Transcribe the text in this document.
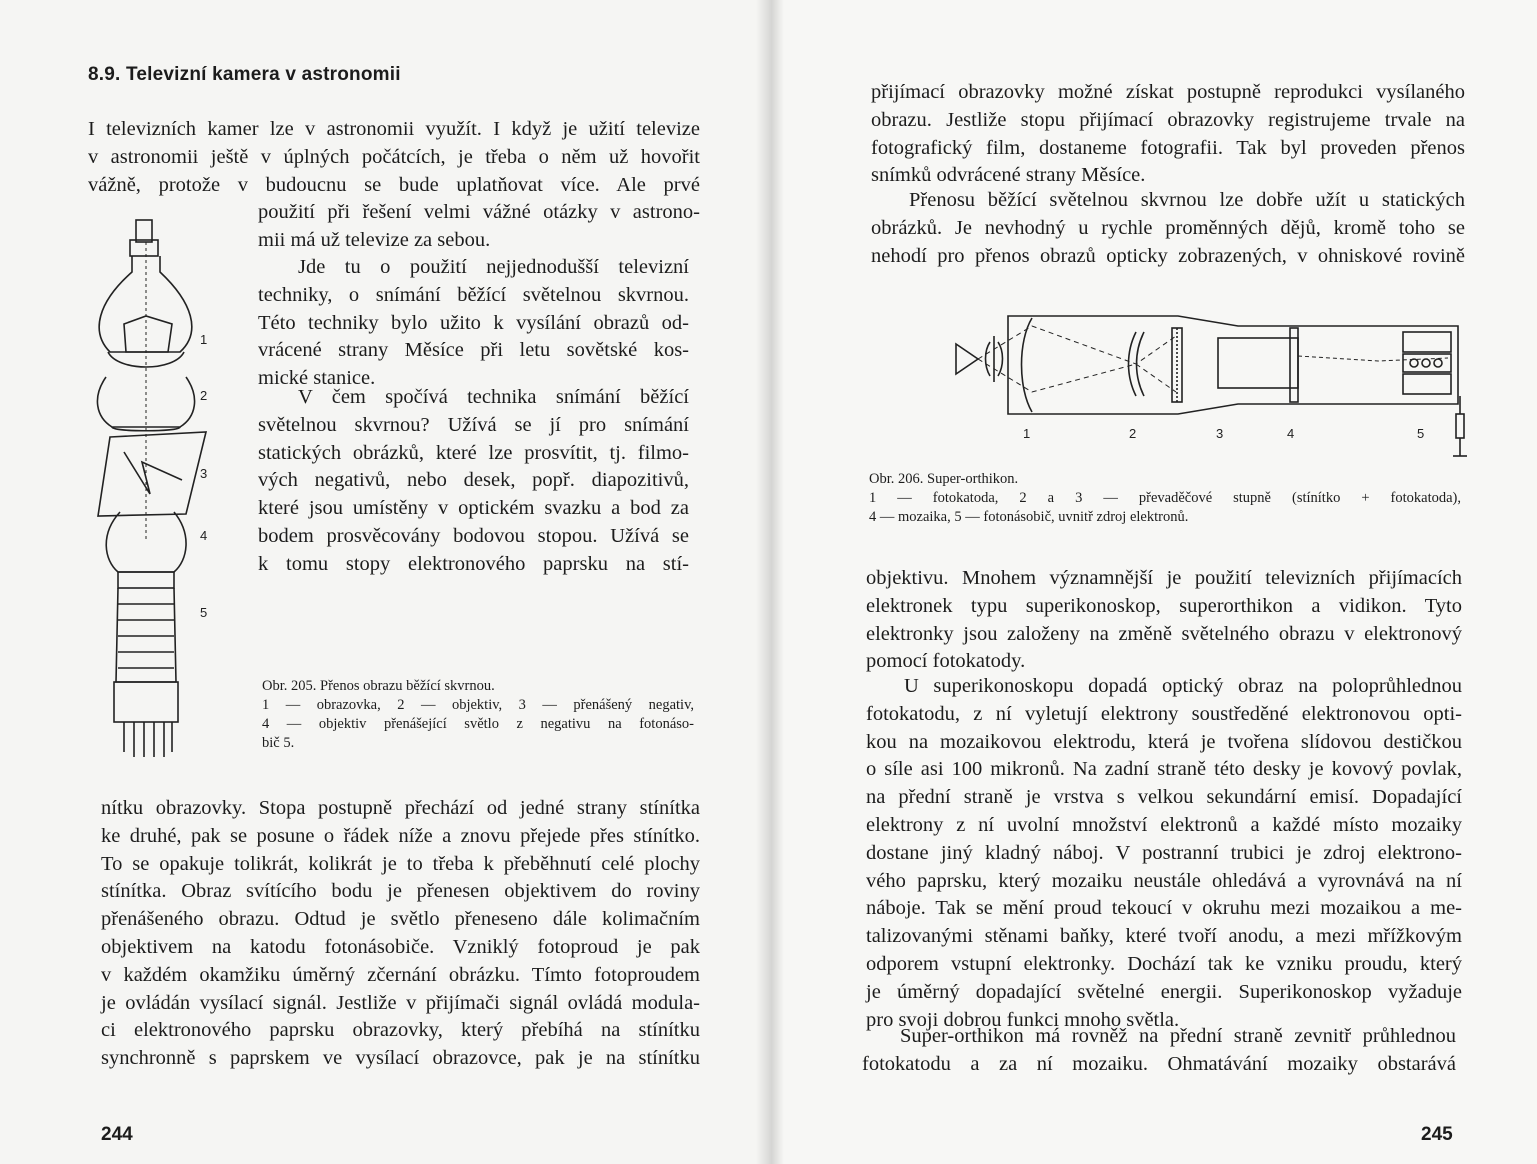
8.9. Televizní kamera v astronomii
I televizních kamer lze v astronomii využít. I když je užití televize
v astronomii ještě v úplných počátcích, je třeba o něm už hovořit
vážně, protože v budoucnu se bude uplatňovat více. Ale prvé
použití při řešení velmi vážné otázky v astrono-
mii má už televize za sebou.
Jde tu o použití nejjednodušší televizní
techniky, o snímání běžící světelnou skvrnou.
Této techniky bylo užito k vysílání obrazů od-
vrácené strany Měsíce při letu sovětské kos-
mické stanice.
V čem spočívá technika snímání běžící
světelnou skvrnou? Užívá se jí pro snímání
statických obrázků, které lze prosvítit, tj. filmo-
vých negativů, nebo desek, popř. diapozitivů,
které jsou umístěny v optickém svazku a bod za
bodem prosvěcovány bodovou stopou. Užívá se
k tomu stopy elektronového paprsku na stí-
1
2
3
4
5
Obr. 205. Přenos obrazu běžící skvrnou.
1 — obrazovka, 2 — objektiv, 3 — přenášený negativ,
4 — objektiv přenášející světlo z negativu na fotonáso-
bič 5.
nítku obrazovky. Stopa postupně přechází od jedné strany stínítka
ke druhé, pak se posune o řádek níže a znovu přejede přes stínítko.
To se opakuje tolikrát, kolikrát je to třeba k přeběhnutí celé plochy
stínítka. Obraz svítícího bodu je přenesen objektivem do roviny
přenášeného obrazu. Odtud je světlo přeneseno dále kolimačním
objektivem na katodu fotonásobiče. Vzniklý fotoproud je pak
v každém okamžiku úměrný zčernání obrázku. Tímto fotoproudem
je ovládán vysílací signál. Jestliže v přijímači signál ovládá modula-
ci elektronového paprsku obrazovky, který přebíhá na stínítku
synchronně s paprskem ve vysílací obrazovce, pak je na stínítku
244
přijímací obrazovky možné získat postupně reprodukci vysílaného
obrazu. Jestliže stopu přijímací obrazovky registrujeme trvale na
fotografický film, dostaneme fotografii. Tak byl proveden přenos
snímků odvrácené strany Měsíce.
Přenosu běžící světelnou skvrnou lze dobře užít u statických
obrázků. Je nevhodný u rychle proměnných dějů, kromě toho se
nehodí pro přenos obrazů opticky zobrazených, v ohniskové rovině
1	2	3	4	5
Obr. 206. Super-orthikon.
1 — fotokatoda, 2 a 3 — převaděčové stupně (stínítko + fotokatoda),
4 — mozaika, 5 — fotonásobič, uvnitř zdroj elektronů.
objektivu. Mnohem významnější je použití televizních přijímacích
elektronek typu superikonoskop, superorthikon a vidikon. Tyto
elektronky jsou založeny na změně světelného obrazu v elektronový
pomocí fotokatody.
U superikonoskopu dopadá optický obraz na poloprůhlednou
fotokatodu, z ní vyletují elektrony soustředěné elektronovou opti-
kou na mozaikovou elektrodu, která je tvořena slídovou destičkou
o síle asi 100 mikronů. Na zadní straně této desky je kovový povlak,
na přední straně je vrstva s velkou sekundární emisí. Dopadající
elektrony z ní uvolní množství elektronů a každé místo mozaiky
dostane jiný kladný náboj. V postranní trubici je zdroj elektrono-
vého paprsku, který mozaiku neustále ohledává a vyrovnává na ní
náboje. Tak se mění proud tekoucí v okruhu mezi mozaikou a me-
talizovanými stěnami baňky, které tvoří anodu, a mezi mřížkovým
odporem vstupní elektronky. Dochází tak ke vzniku proudu, který
je úměrný dopadající světelné energii. Superikonoskop vyžaduje
pro svoji dobrou funkci mnoho světla.
Super-orthikon má rovněž na přední straně zevnitř průhlednou
fotokatodu a za ní mozaiku. Ohmatávání mozaiky obstarává
245
